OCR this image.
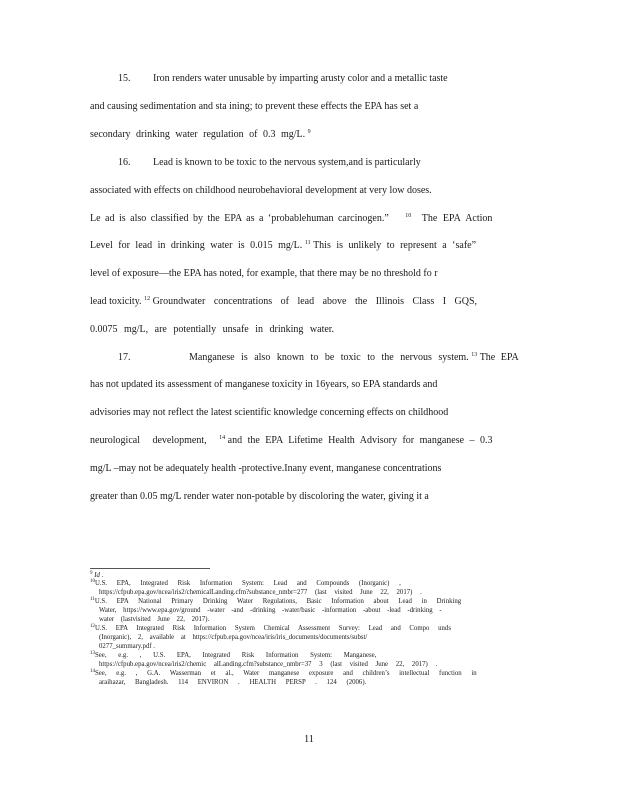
15.         Iron renders water unusable by imparting arusty color and a metallic taste
and causing sedimentation and sta ining; to prevent these effects the EPA has set a
secondary drinking water regulation of 0.3 mg/L. $^9$
16.         Lead is known to be toxic to the nervous system,and is particularly
associated with effects on childhood neurobehavioral development at very low doses.
Le ad is also classified by the EPA as a ‘probablehuman carcinogen.”	$^{10}$ The EPA Action
Level for lead in drinking water is 0.015 mg/L. $^{11}$ This is unlikely to represent a ‘safe”
level of exposure—the EPA has noted, for example, that there may be no threshold fo r
lead toxicity. $^{12}$ Groundwater concentrations of lead above the Illinois Class I GQS,
0.0075 mg/L, are potentially unsafe in drinking water.
17.         Manganese is also known to be toxic to the nervous system. $^{13}$ The EPA
has not updated its assessment of manganese toxicity in 16years, so EPA standards and
advisories may not reflect the latest scientific knowledge concerning effects on childhood
neurological development, $^{14}$ and the EPA Lifetime Health Advisory for manganese – 0.3
mg/L –may not be adequately health -protective.Inany event, manganese concentrations
greater than 0.05 mg/L render water non-potable by discoloring the water, giving it a
$^9$ Id .
$^{10}$U.S. EPA, Integrated Risk Information System: Lead and Compounds (Inorganic) ,
https://cfpub.epa.gov/ncea/iris2/chemicalLanding.cfm?substance_nmbr=277 (last visited June 22, 2017) .
$^{11}$U.S. EPA National Primary Drinking Water Regulations, Basic Information about Lead in Drinking
Water, https://www.epa.gov/ground -water -and -drinking -water/basic -information -about -lead -drinking -
water (lastvisited June 22, 2017).
$^{12}$U.S. EPA Integrated Risk Information System Chemical Assessment Survey: Lead and Compo unds
(Inorganic), 2, available at https://cfpub.epa.gov/ncea/iris/iris_documents/documents/subst/
0277_summary.pdf .
$^{13}$See, e.g. , U.S. EPA, Integrated Risk Information System: Manganese,
https://cfpub.epa.gov/ncea/iris2/chemic alLanding.cfm?substance_nmbr=37 3 (last visited June 22, 2017) .
$^{14}$See, e.g. , G.A. Wasserman et al., Water manganese exposure and children’s intellectual function in
araihazar, Bangladesh. 114 ENVIRON . HEALTH PERSP . 124 (2006).
11
